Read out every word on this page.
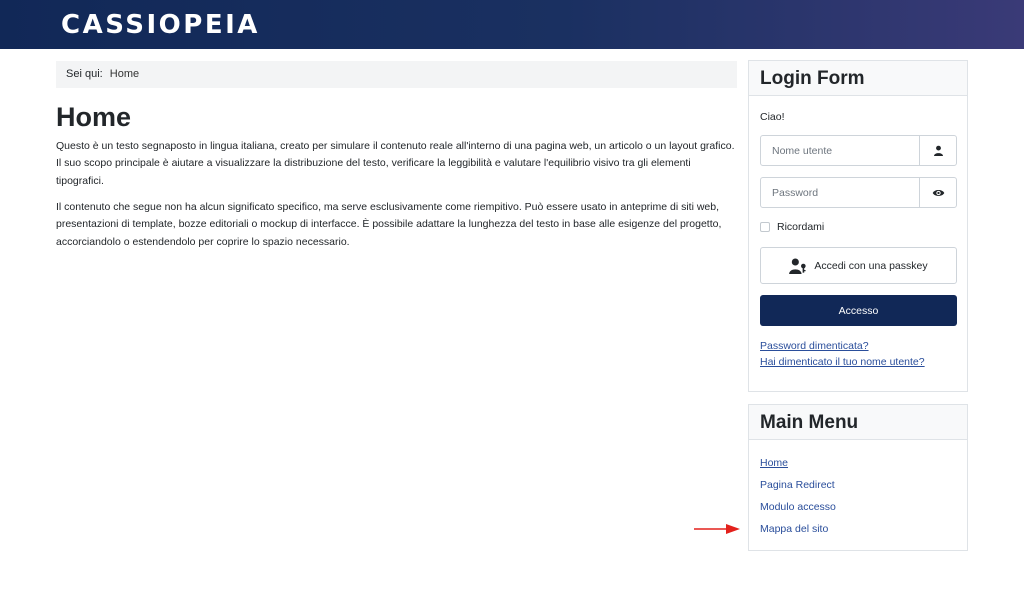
CASSIOPEIA
Sei qui: Home
Home

Questo è un testo segnaposto in lingua italiana, creato per simulare il contenuto reale all'interno di una pagina web, un articolo o un layout grafico. Il suo scopo principale è aiutare a visualizzare la distribuzione del testo, verificare la leggibilità e valutare l'equilibrio visivo tra gli elementi tipografici.

Il contenuto che segue non ha alcun significato specifico, ma serve esclusivamente come riempitivo. Può essere usato in anteprime di siti web, presentazioni di template, bozze editoriali o mockup di interfacce. È possibile adattare la lunghezza del testo in base alle esigenze del progetto, accorciandolo o estendendolo per coprire lo spazio necessario.

Login Form
Ciao!
Nome utente
Ricordami
Accedi con una passkey
Accesso
Password dimenticata?
Hai dimenticato il tuo nome utente?
Main Menu
Home
Pagina Redirect
Modulo accesso
Mappa del sito
